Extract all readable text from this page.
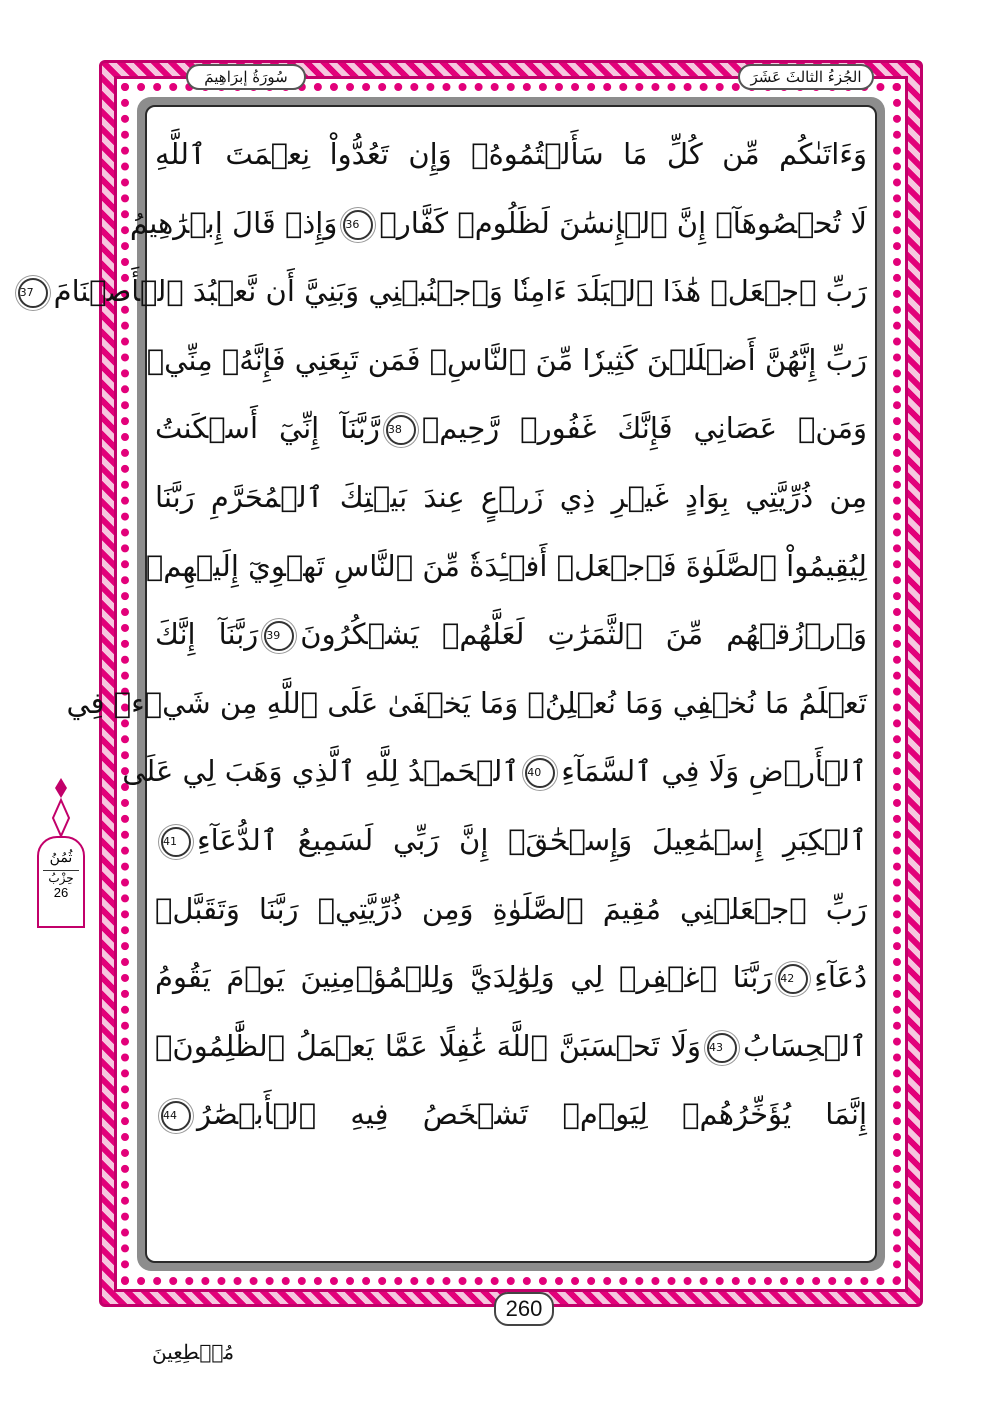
الجُزءُ الثالثَ عَشَرَ
سُورَةُ إبرَاهِيمَ
وَءَاتَىٰكُم مِّن كُلِّ مَا سَأَلۡتُمُوهُۚ وَإِن تَعُدُّواْ نِعۡمَتَ ٱللَّهِ
لَا تُحۡصُوهَآۗ إِنَّ ٱلۡإِنسَٰنَ لَظَلُومٞ كَفَّارٞ36وَإِذۡ قَالَ إِبۡرَٰهِيمُ
رَبِّ ٱجۡعَلۡ هَٰذَا ٱلۡبَلَدَ ءَامِنٗا وَٱجۡنُبۡنِي وَبَنِيَّ أَن نَّعۡبُدَ ٱلۡأَصۡنَامَ37
رَبِّ إِنَّهُنَّ أَضۡلَلۡنَ كَثِيرٗا مِّنَ ٱلنَّاسِۖ فَمَن تَبِعَنِي فَإِنَّهُۥ مِنِّيۖ
وَمَنۡ عَصَانِي فَإِنَّكَ غَفُورٞ رَّحِيمٞ38رَّبَّنَآ إِنِّيٓ أَسۡكَنتُ
مِن ذُرِّيَّتِي بِوَادٍ غَيۡرِ ذِي زَرۡعٍ عِندَ بَيۡتِكَ ٱلۡمُحَرَّمِ رَبَّنَا
لِيُقِيمُواْ ٱلصَّلَوٰةَ فَٱجۡعَلۡ أَفۡـِٔدَةٗ مِّنَ ٱلنَّاسِ تَهۡوِيٓ إِلَيۡهِمۡ
وَٱرۡزُقۡهُم مِّنَ ٱلثَّمَرَٰتِ لَعَلَّهُمۡ يَشۡكُرُونَ39رَبَّنَآ إِنَّكَ
تَعۡلَمُ مَا نُخۡفِي وَمَا نُعۡلِنُۗ وَمَا يَخۡفَىٰ عَلَى ٱللَّهِ مِن شَيۡءٖ فِي
ٱلۡأَرۡضِ وَلَا فِي ٱلسَّمَآءِ40ٱلۡحَمۡدُ لِلَّهِ ٱلَّذِي وَهَبَ لِي عَلَى
ٱلۡكِبَرِ إِسۡمَٰعِيلَ وَإِسۡحَٰقَۚ إِنَّ رَبِّي لَسَمِيعُ ٱلدُّعَآءِ41
رَبِّ ٱجۡعَلۡنِي مُقِيمَ ٱلصَّلَوٰةِ وَمِن ذُرِّيَّتِيۚ رَبَّنَا وَتَقَبَّلۡ
دُعَآءِ42رَبَّنَا ٱغۡفِرۡ لِي وَلِوَٰلِدَيَّ وَلِلۡمُؤۡمِنِينَ يَوۡمَ يَقُومُ
ٱلۡحِسَابُ43وَلَا تَحۡسَبَنَّ ٱللَّهَ غَٰفِلًا عَمَّا يَعۡمَلُ ٱلظَّٰلِمُونَۚ
إِنَّمَا يُؤَخِّرُهُمۡ لِيَوۡمٖ تَشۡخَصُ فِيهِ ٱلۡأَبۡصَٰرُ44
260
مُهۡطِعِينَ
ثُمُنُ
حِزْبُ
26
